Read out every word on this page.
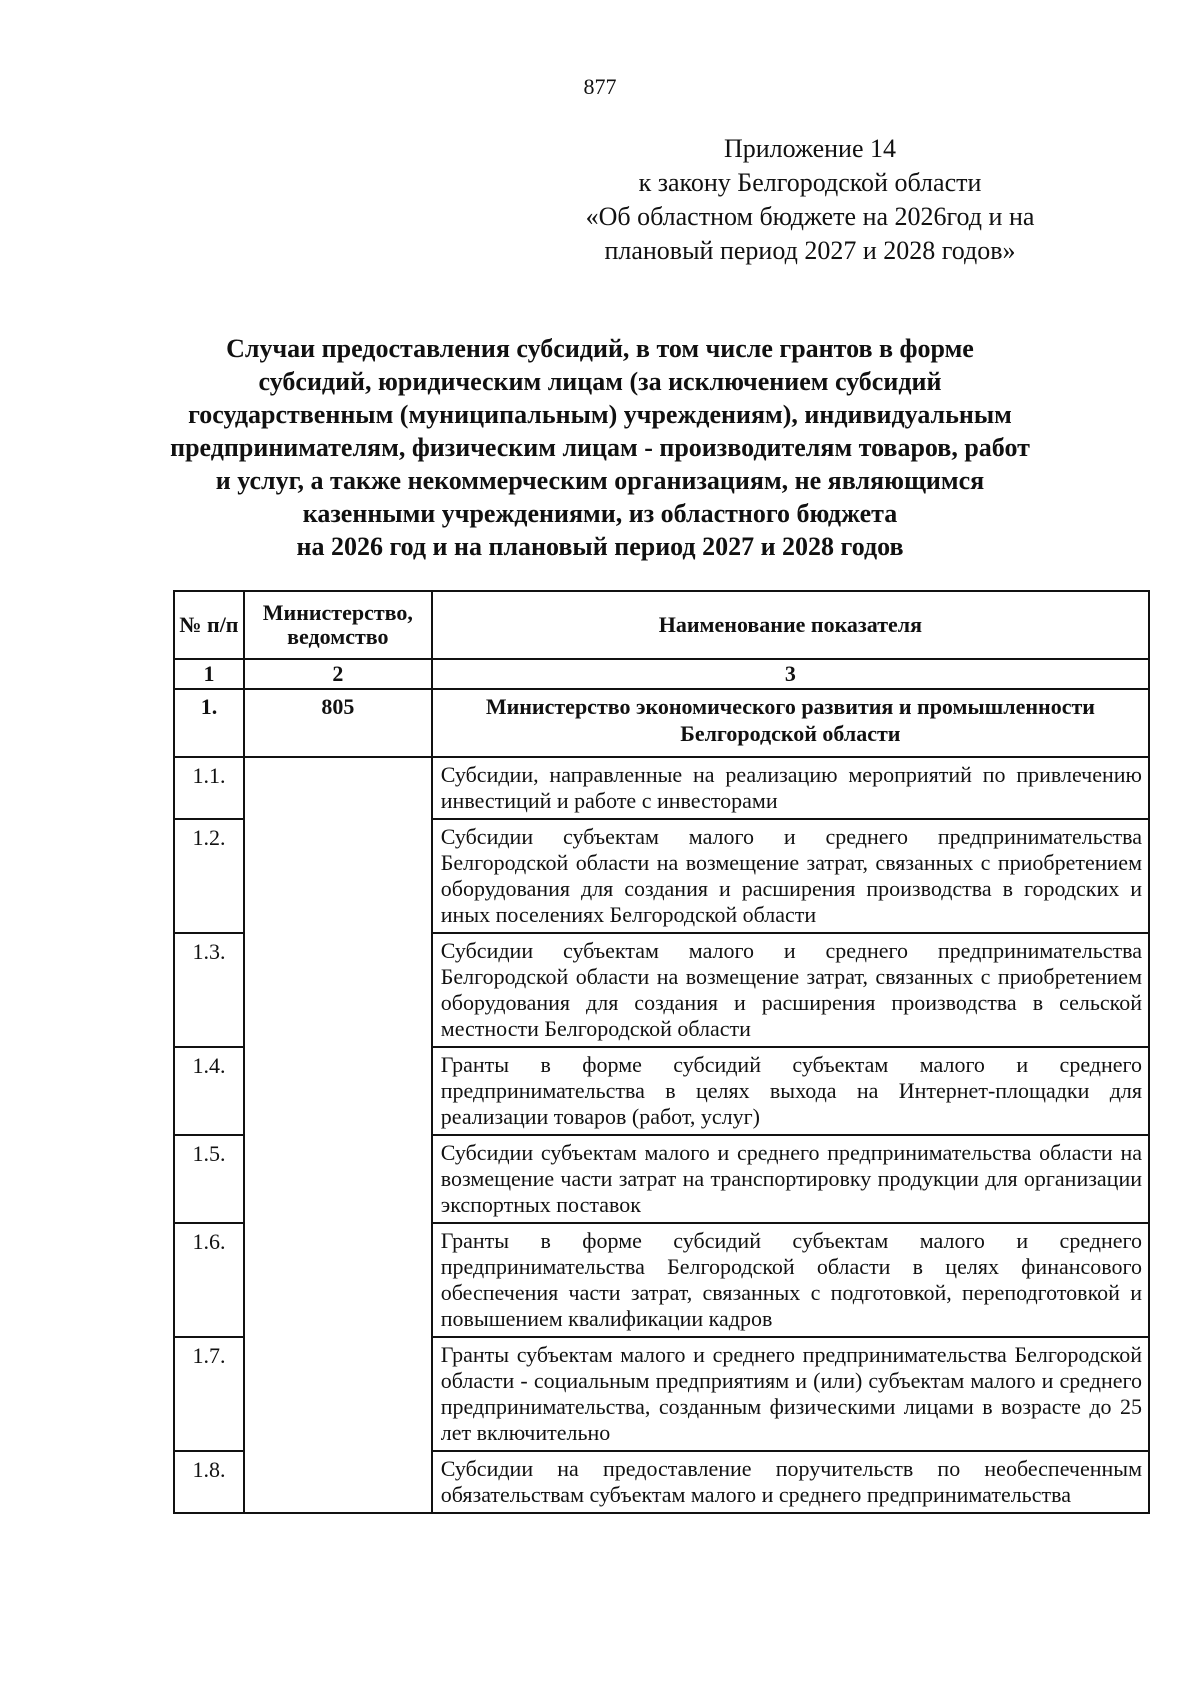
877
Приложение 14
к закону Белгородской области
«Об областном бюджете на 2026год и на
плановый период 2027 и 2028 годов»
Случаи предоставления субсидий, в том числе грантов в форме
субсидий, юридическим лицам (за исключением субсидий
государственным (муниципальным) учреждениям), индивидуальным
предпринимателям, физическим лицам - производителям товаров, работ
и услуг, а также некоммерческим организациям, не являющимся
казенными учреждениями, из областного бюджета
на 2026 год и на плановый период 2027 и 2028 годов
№ п/п	Министерство, ведомство	Наименование показателя
1	2	3
1.	805	Министерство экономического развития и промышленности Белгородской области
1.1.		Субсидии, направленные на реализацию мероприятий по привлечению инвестиций и работе с инвесторами
1.2.		Субсидии субъектам малого и среднего предпринимательства Белгородской области на возмещение затрат, связанных с приобретением оборудования для создания и расширения производства в городских и иных поселениях Белгородской области
1.3.		Субсидии субъектам малого и среднего предпринимательства Белгородской области на возмещение затрат, связанных с приобретением оборудования для создания и расширения производства в сельской местности Белгородской области
1.4.		Гранты в форме субсидий субъектам малого и среднего предпринимательства в целях выхода на Интернет-площадки для реализации товаров (работ, услуг)
1.5.		Субсидии субъектам малого и среднего предпринимательства области на возмещение части затрат на транспортировку продукции для организации экспортных поставок
1.6.		Гранты в форме субсидий субъектам малого и среднего предпринимательства Белгородской области в целях финансового обеспечения части затрат, связанных с подготовкой, переподготовкой и повышением квалификации кадров
1.7.		Гранты субъектам малого и среднего предпринимательства Белгородской области - социальным предприятиям и (или) субъектам малого и среднего предпринимательства, созданным физическими лицами в возрасте до 25 лет включительно
1.8.		Субсидии на предоставление поручительств по необеспеченным обязательствам субъектам малого и среднего предпринимательства
